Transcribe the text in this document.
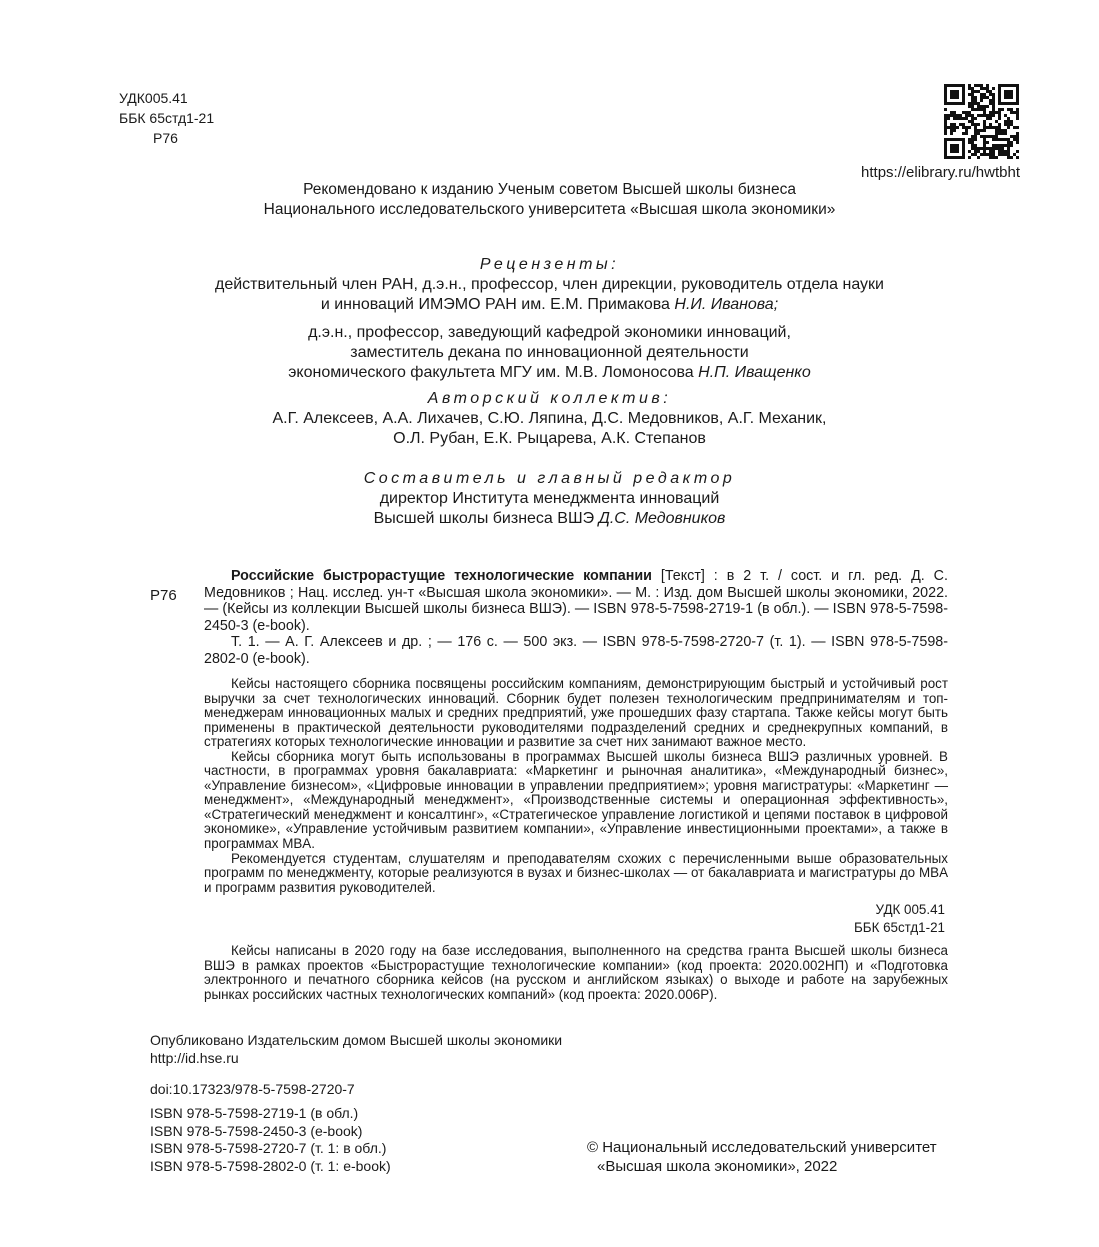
УДК005.41
ББК 65стд1-21
Р76
https://elibrary.ru/hwtbht
Рекомендовано к изданию Ученым советом Высшей школы бизнеса
Национального исследовательского университета «Высшая школа экономики»
Рецензенты:
действительный член РАН, д.э.н., профессор, член дирекции, руководитель отдела науки
и инноваций ИМЭМО РАН им. Е.М. Примакова Н.И. Иванова;
д.э.н., профессор, заведующий кафедрой экономики инноваций,
заместитель декана по инновационной деятельности
экономического факультета МГУ им. М.В. Ломоносова Н.П. Иващенко
Авторский коллектив:
А.Г. Алексеев, А.А. Лихачев, С.Ю. Ляпина, Д.С. Медовников, А.Г. Механик,
О.Л. Рубан, Е.К. Рыцарева, А.К. Степанов
Составитель и главный редактор
директор Института менеджмента инноваций
Высшей школы бизнеса ВШЭ Д.С. Медовников
Р76

Российские быстрорастущие технологические компании [Текст] : в 2 т. / сост. и гл. ред. Д. С. Медовников ; Нац. исслед. ун-т «Высшая школа экономики». — М. : Изд. дом Высшей школы экономики, 2022. — (Кейсы из коллекции Высшей школы бизнеса ВШЭ). — ISBN 978-5-7598-2719-1 (в обл.). — ISBN 978-5-7598-2450-3 (e-book).

Т. 1. — А. Г. Алексеев и др. ; — 176 с. — 500 экз. — ISBN 978-5-7598-2720-7 (т. 1). — ISBN 978-5-7598-2802-0 (e-book).

Кейсы настоящего сборника посвящены российским компаниям, демонстрирующим быстрый и устойчивый рост выручки за счет технологических инноваций. Сборник будет полезен технологическим предпринимателям и топ-менеджерам инновационных малых и средних предприятий, уже прошедших фазу стартапа. Также кейсы могут быть применены в практической деятельности руководителями подразделений средних и среднекрупных компаний, в стратегиях которых технологические инновации и развитие за счет них занимают важное место.

Кейсы сборника могут быть использованы в программах Высшей школы бизнеса ВШЭ различных уровней. В частности, в программах уровня бакалавриата: «Маркетинг и рыночная аналитика», «Международный бизнес», «Управление бизнесом», «Цифровые инновации в управлении предприятием»; уровня магистратуры: «Маркетинг — менеджмент», «Международный менеджмент», «Производственные системы и операционная эффективность», «Стратегический менеджмент и консалтинг», «Стратегическое управление логистикой и цепями поставок в цифровой экономике», «Управление устойчивым развитием компании», «Управление инвестиционными проектами», а также в программах MBA.

Рекомендуется студентам, слушателям и преподавателям схожих с перечисленными выше образовательных программ по менеджменту, которые реализуются в вузах и бизнес-школах — от бакалавриата и магистратуры до MBA и программ развития руководителей.

УДК 005.41
ББК 65стд1-21

Кейсы написаны в 2020 году на базе исследования, выполненного на средства гранта Высшей школы бизнеса ВШЭ в рамках проектов «Быстрорастущие технологические компании» (код проекта: 2020.002НП) и «Подготовка электронного и печатного сборника кейсов (на русском и английском языках) о выходе и работе на зарубежных рынках российских частных технологических компаний» (код проекта: 2020.006Р).

Опубликовано Издательским домом Высшей школы экономики
http://id.hse.ru
doi:10.17323/978-5-7598-2720-7
ISBN 978-5-7598-2719-1 (в обл.)
ISBN 978-5-7598-2450-3 (e-book)
ISBN 978-5-7598-2720-7 (т. 1: в обл.)
ISBN 978-5-7598-2802-0 (т. 1: e-book)
© Национальный исследовательский университет
«Высшая школа экономики», 2022
